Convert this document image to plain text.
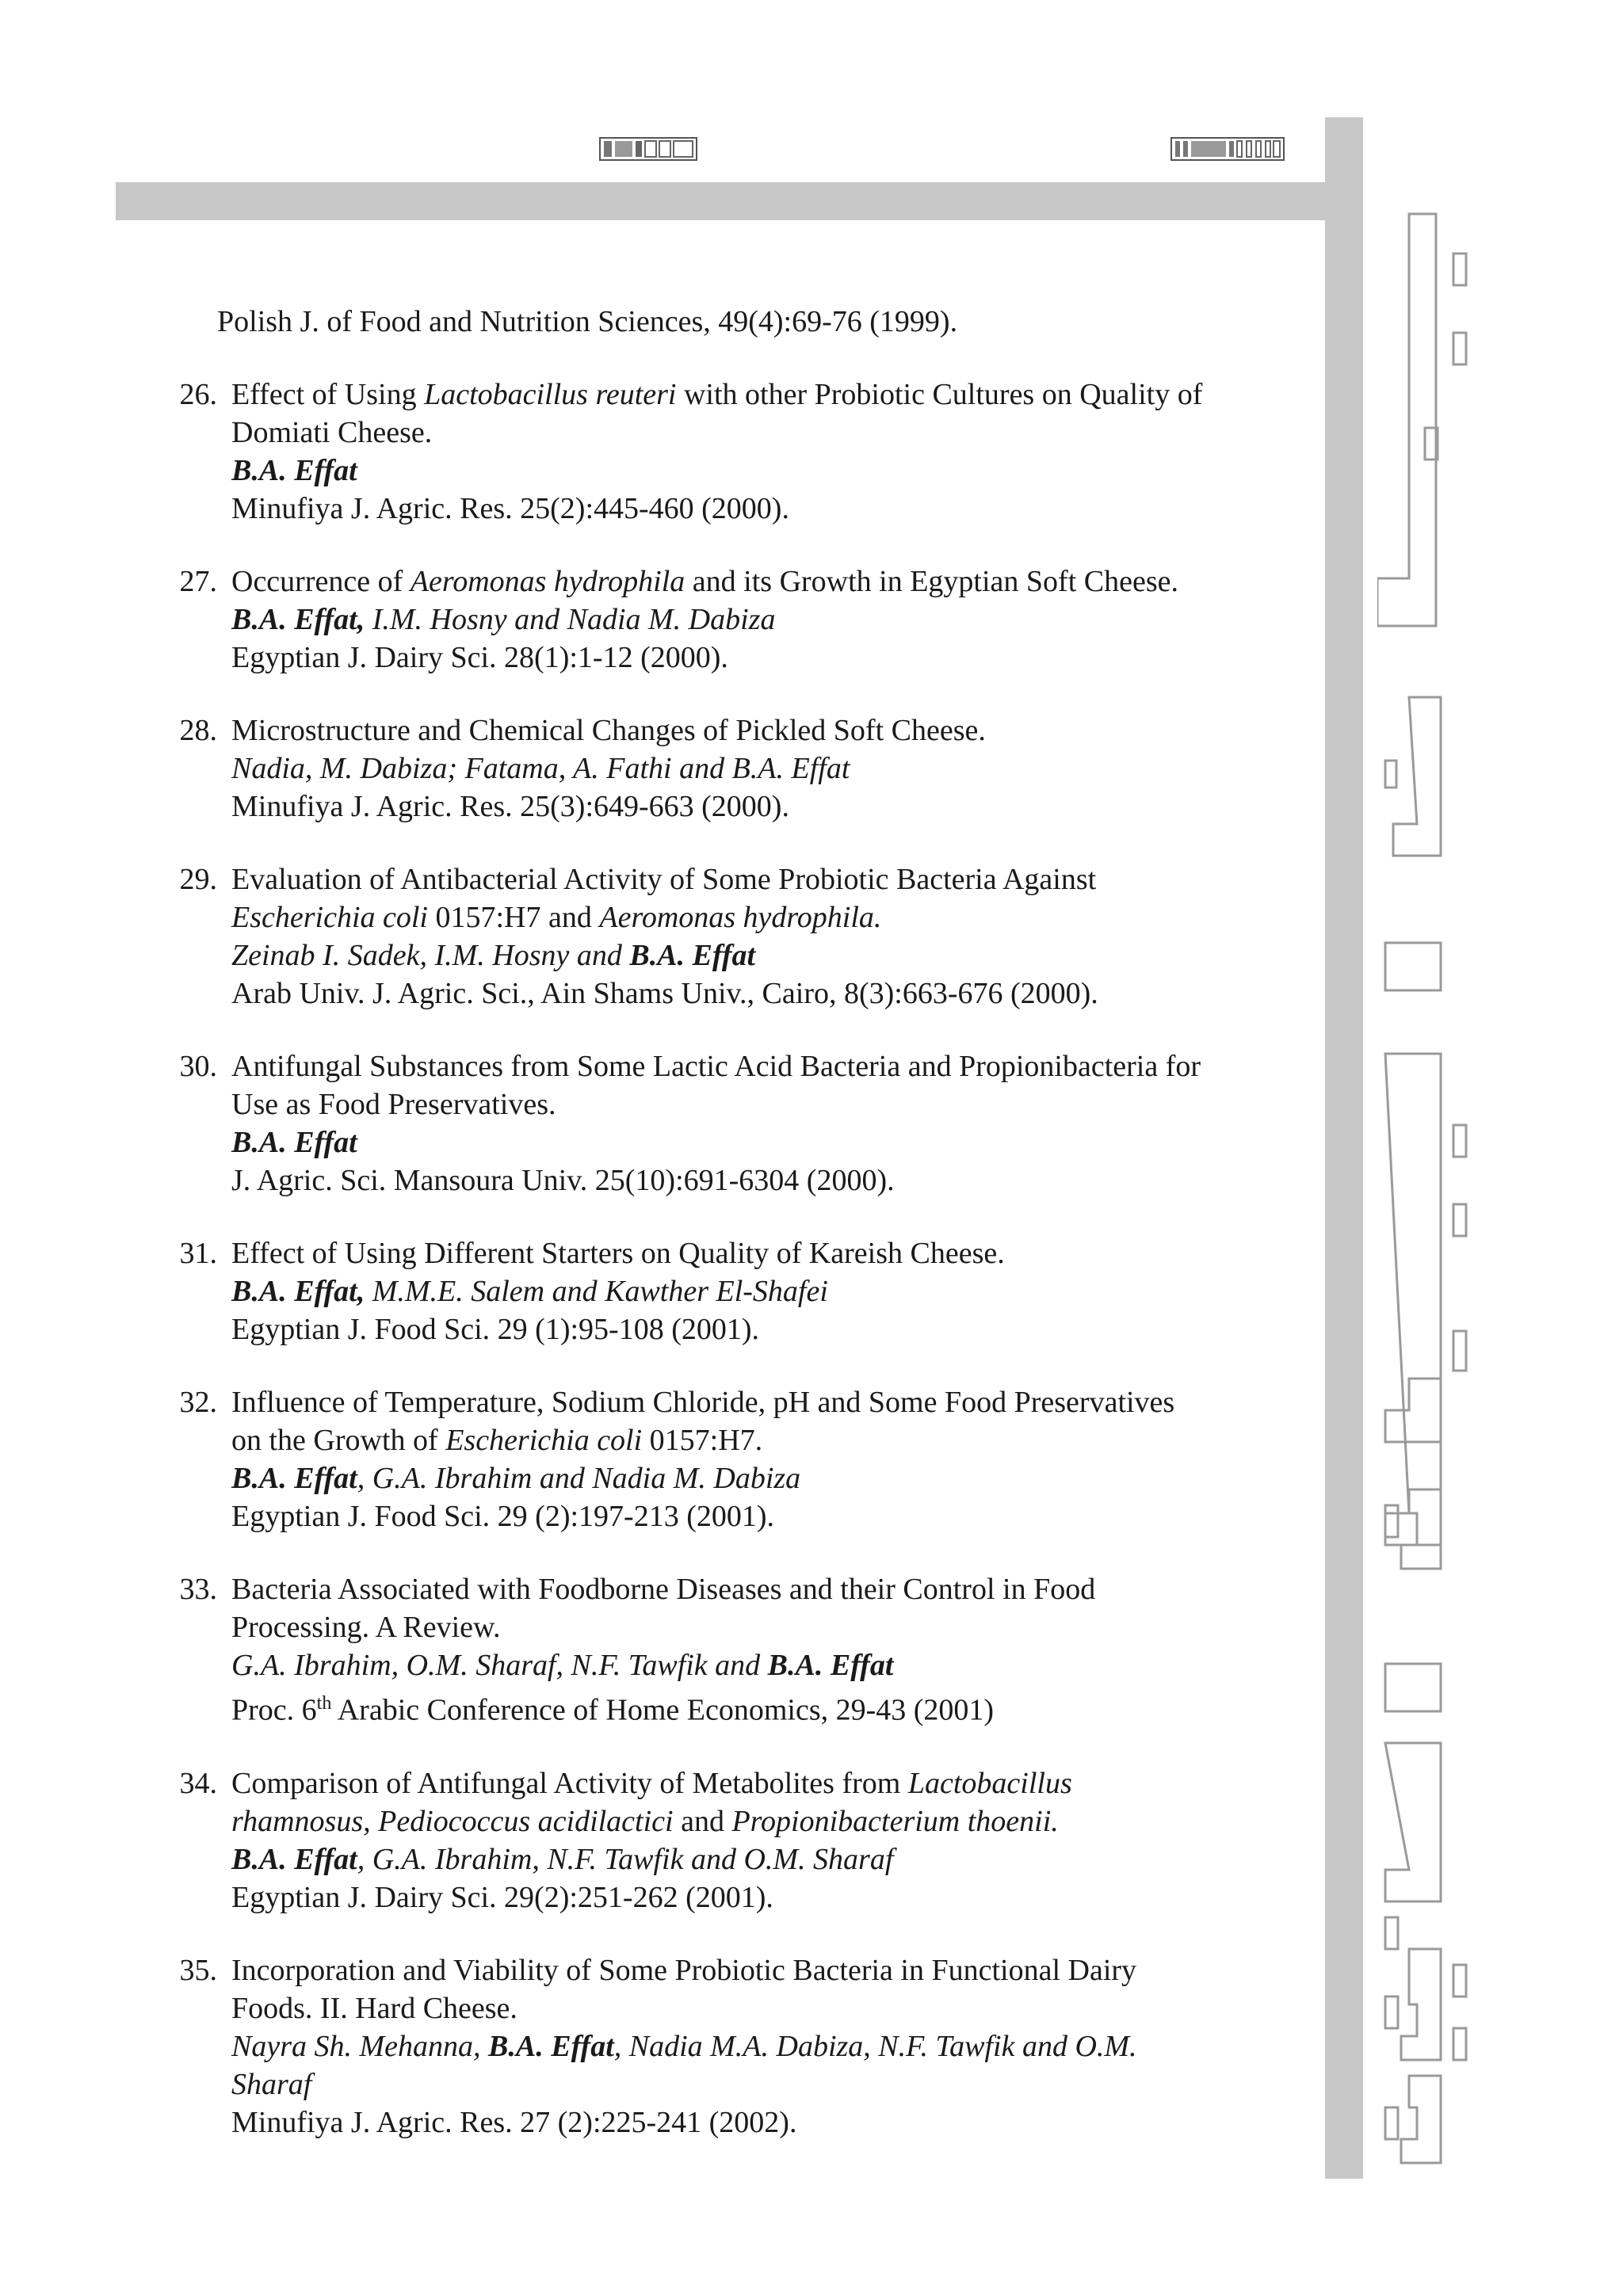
Polish J. of Food and Nutrition Sciences, 49(4):69-76 (1999).
26. Effect of Using Lactobacillus reuteri with other Probiotic Cultures on Quality of
Domiati Cheese.
B.A. Effat
Minufiya J. Agric. Res. 25(2):445-460 (2000).
27. Occurrence of Aeromonas hydrophila and its Growth in Egyptian Soft Cheese.
B.A. Effat, I.M. Hosny and Nadia M. Dabiza
Egyptian J. Dairy Sci. 28(1):1-12 (2000).
28. Microstructure and Chemical Changes of Pickled Soft Cheese.
Nadia, M. Dabiza; Fatama, A. Fathi and B.A. Effat
Minufiya J. Agric. Res. 25(3):649-663 (2000).
29. Evaluation of Antibacterial Activity of Some Probiotic Bacteria Against
Escherichia coli 0157:H7 and Aeromonas hydrophila.
Zeinab I. Sadek, I.M. Hosny and B.A. Effat
Arab Univ. J. Agric. Sci., Ain Shams Univ., Cairo, 8(3):663-676 (2000).
30. Antifungal Substances from Some Lactic Acid Bacteria and Propionibacteria for
Use as Food Preservatives.
B.A. Effat
J. Agric. Sci. Mansoura Univ. 25(10):691-6304 (2000).
31. Effect of Using Different Starters on Quality of Kareish Cheese.
B.A. Effat, M.M.E. Salem and Kawther El-Shafei
Egyptian J. Food Sci. 29 (1):95-108 (2001).
32. Influence of Temperature, Sodium Chloride, pH and Some Food Preservatives
on the Growth of Escherichia coli 0157:H7.
B.A. Effat, G.A. Ibrahim and Nadia M. Dabiza
Egyptian J. Food Sci. 29 (2):197-213 (2001).
33. Bacteria Associated with Foodborne Diseases and their Control in Food
Processing. A Review.
G.A. Ibrahim, O.M. Sharaf, N.F. Tawfik and B.A. Effat
Proc. 6th Arabic Conference of Home Economics, 29-43 (2001)
34. Comparison of Antifungal Activity of Metabolites from Lactobacillus
rhamnosus, Pediococcus acidilactici and Propionibacterium thoenii.
B.A. Effat, G.A. Ibrahim, N.F. Tawfik and O.M. Sharaf
Egyptian J. Dairy Sci. 29(2):251-262 (2001).
35. Incorporation and Viability of Some Probiotic Bacteria in Functional Dairy
Foods. II. Hard Cheese.
Nayra Sh. Mehanna, B.A. Effat, Nadia M.A. Dabiza, N.F. Tawfik and O.M.
Sharaf
Minufiya J. Agric. Res. 27 (2):225-241 (2002).
